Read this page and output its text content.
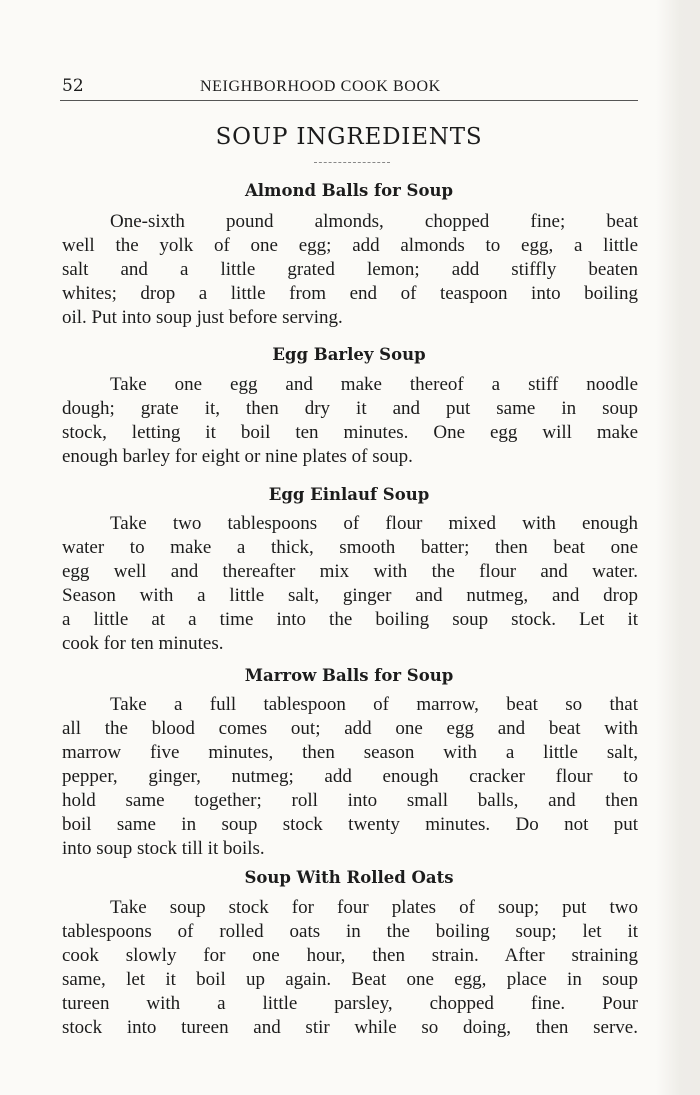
52	NEIGHBORHOOD COOK BOOK
SOUP INGREDIENTS
Almond Balls for Soup
One-sixth pound almonds, chopped fine; beat
well the yolk of one egg; add almonds to egg, a little
salt and a little grated lemon; add stiffly beaten
whites; drop a little from end of teaspoon into boiling
oil. Put into soup just before serving.
Egg Barley Soup
Take one egg and make thereof a stiff noodle
dough; grate it, then dry it and put same in soup
stock, letting it boil ten minutes. One egg will make
enough barley for eight or nine plates of soup.
Egg Einlauf Soup
Take two tablespoons of flour mixed with enough
water to make a thick, smooth batter; then beat one
egg well and thereafter mix with the flour and water.
Season with a little salt, ginger and nutmeg, and drop
a little at a time into the boiling soup stock. Let it
cook for ten minutes.
Marrow Balls for Soup
Take a full tablespoon of marrow, beat so that
all the blood comes out; add one egg and beat with
marrow five minutes, then season with a little salt,
pepper, ginger, nutmeg; add enough cracker flour to
hold same together; roll into small balls, and then
boil same in soup stock twenty minutes. Do not put
into soup stock till it boils.
Soup With Rolled Oats
Take soup stock for four plates of soup; put two
tablespoons of rolled oats in the boiling soup; let it
cook slowly for one hour, then strain. After straining
same, let it boil up again. Beat one egg, place in soup
tureen with a little parsley, chopped fine. Pour
stock into tureen and stir while so doing, then serve.
